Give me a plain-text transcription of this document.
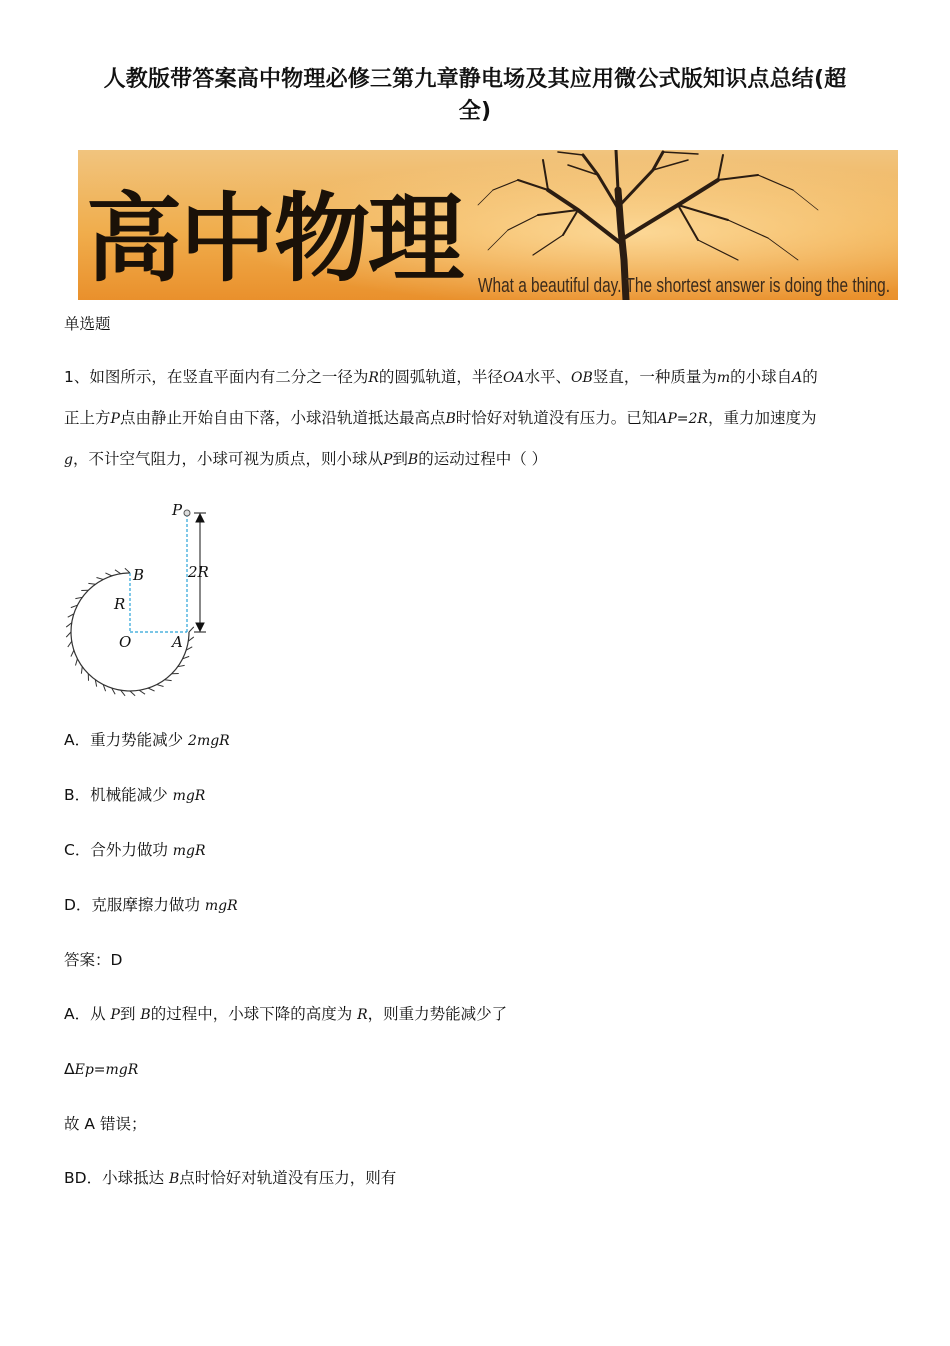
人教版带答案高中物理必修三第九章静电场及其应用微公式版知识点总结(超
全)
高中物理 What a beautiful day. The shortest answer is doing the thing.
单选题
1、如图所示，在竖直平面内有二分之一径为R的圆弧轨道，半径OA水平、OB竖直，一种质量为m的小球自A的
正上方P点由静止开始自由下落，小球沿轨道抵达最高点B时恰好对轨道没有压力。已知AP=2R，重力加速度为
g，不计空气阻力，小球可视为质点，则小球从P到B的运动过程中（ ）
P
B
R
O	A
2R
A．重力势能减少 2mgR
B．机械能减少 mgR
C．合外力做功 mgR
D．克服摩擦力做功 mgR
答案：D
A．从 P到 B的过程中，小球下降的高度为 R，则重力势能减少了
ΔEp=mgR
故 A 错误；
BD．小球抵达 B点时恰好对轨道没有压力，则有
